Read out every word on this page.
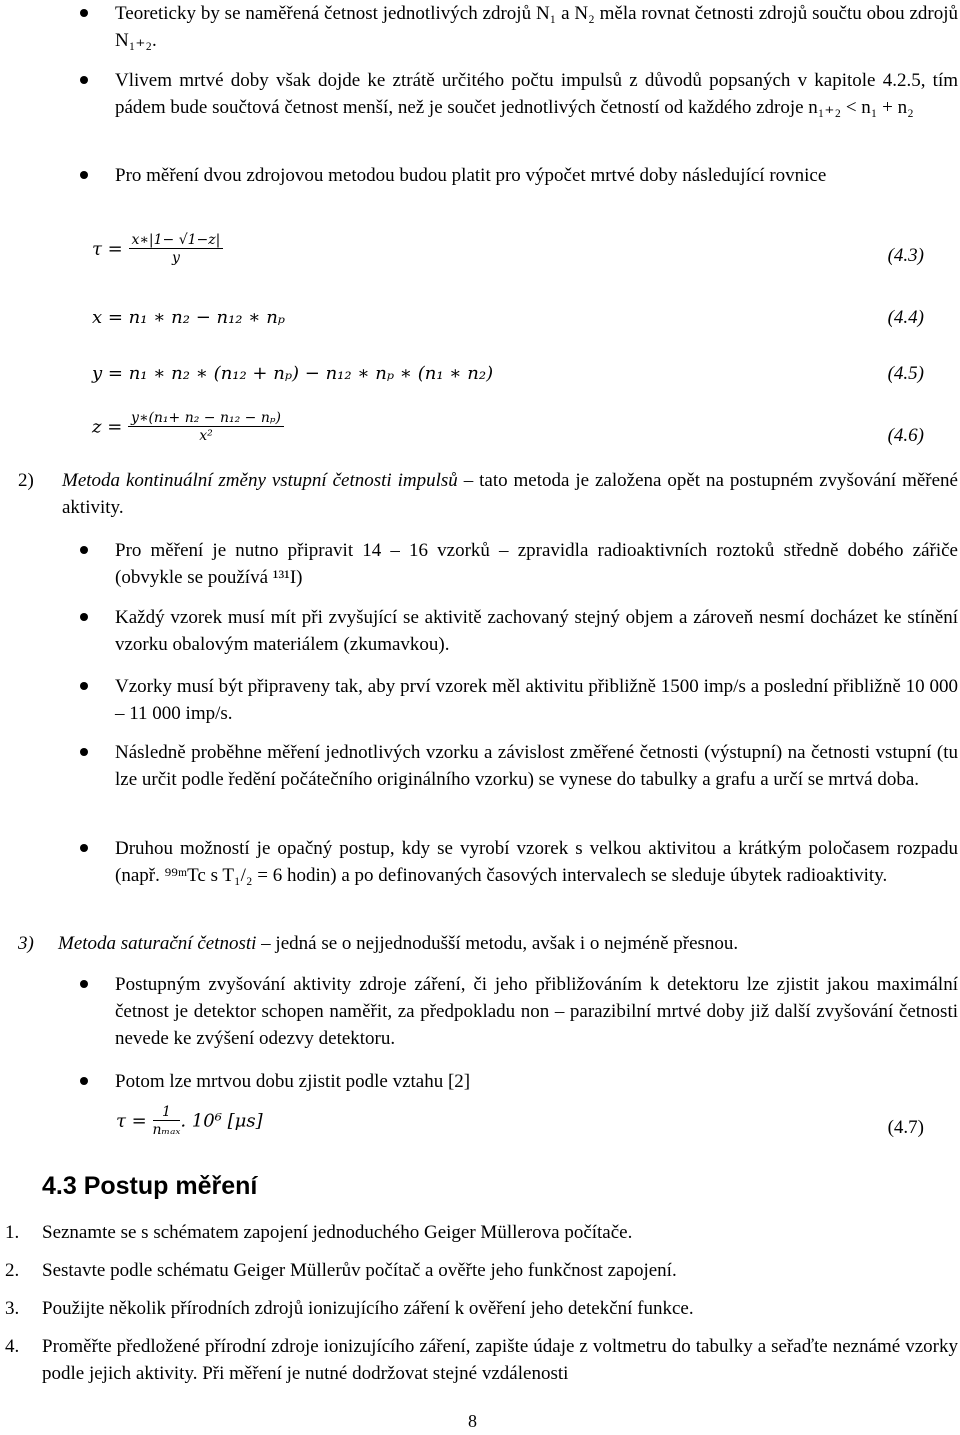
Teoreticky by se naměřená četnost jednotlivých zdrojů N₁ a N₂ měla rovnat četnosti zdrojů součtu obou zdrojů N₁₊₂.
Vlivem mrtvé doby však dojde ke ztrátě určitého počtu impulsů z důvodů popsaných v kapitole 4.2.5, tím pádem bude součtová četnost menší, než je součet jednotlivých četností od každého zdroje n₁₊₂ < n₁ + n₂
Pro měření dvou zdrojovou metodou budou platit pro výpočet mrtvé doby následující rovnice
$\tau = \frac{x∗|1- √1-z|}{y}$	(4.3)
x = n₁ ∗ n₂ − n₁₂ ∗ nₚ	(4.4)
y = n₁ ∗ n₂ ∗ (n₁₂ + nₚ) − n₁₂ ∗ nₚ ∗ (n₁ ∗ n₂)	(4.5)
$z = \frac{\text{y∗(n₁+ n₂ − n₁₂ − nₚ)}}{\text{x²}}$	(4.6)
2) Metoda kontinuální změny vstupní četnosti impulsů – tato metoda je založena opět na postupném zvyšování měřené aktivity.
Pro měření je nutno připravit 14 – 16 vzorků – zpravidla radioaktivních roztoků středně dobého zářiče (obvykle se používá ¹³¹I)
Každý vzorek musí mít při zvyšující se aktivitě zachovaný stejný objem a zároveň nesmí docházet ke stínění vzorku obalovým materiálem (zkumavkou).
Vzorky musí být připraveny tak, aby prví vzorek měl aktivitu přibližně 1500 imp/s a poslední přibližně 10 000 – 11 000 imp/s.
Následně proběhne měření jednotlivých vzorku a závislost změřené četnosti (výstupní) na četnosti vstupní (tu lze určit podle ředění počátečního originálního vzorku) se vynese do tabulky a grafu a určí se mrtvá doba.
Druhou možností je opačný postup, kdy se vyrobí vzorek s velkou aktivitou a krátkým poločasem rozpadu (např. ⁹⁹ᵐTc s T₁/₂ = 6 hodin) a po definovaných časových intervalech se sleduje úbytek radioaktivity.
3) Metoda saturační četnosti – jedná se o nejjednodušší metodu, avšak i o nejméně přesnou.
Postupným zvyšování aktivity zdroje záření, či jeho přibližováním k detektoru lze zjistit jakou maximální četnost je detektor schopen naměřit, za předpokladu non – parazibilní mrtvé doby již další zvyšování četnosti nevede ke zvýšení odezvy detektoru.
Potom lze mrtvou dobu zjistit podle vztahu [2]
$\tau = \frac{1}{\text{nₘₐₓ}}$ . 10⁶ [μs]	(4.7)
4.3 Postup měření
1. Seznamte se s schématem zapojení jednoduchého Geiger Müllerova počítače.
2. Sestavte podle schématu Geiger Müllerův počítač a ověřte jeho funkčnost zapojení.
3. Použijte několik přírodních zdrojů ionizujícího záření k ověření jeho detekční funkce.
4. Proměřte předložené přírodní zdroje ionizujícího záření, zapište údaje z voltmetru do tabulky a seřaďte neznámé vzorky podle jejich aktivity. Při měření je nutné dodržovat stejné vzdálenosti
8
